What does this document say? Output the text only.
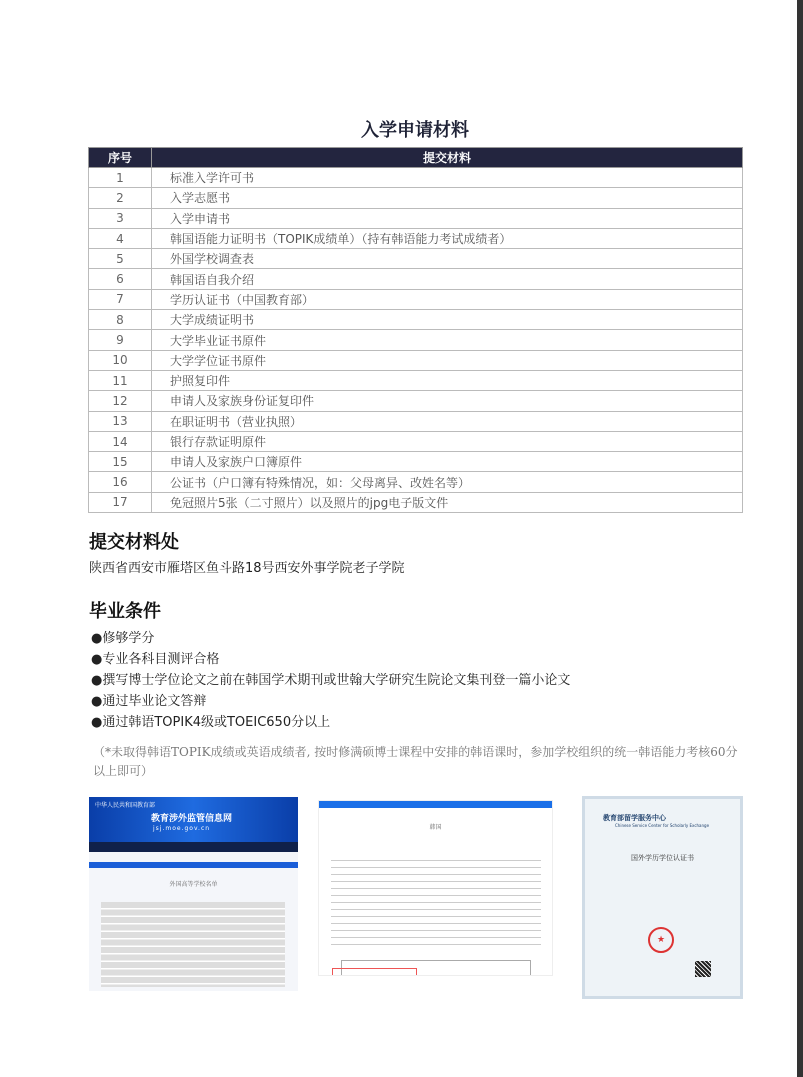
入学申请材料
序号	提交材料
1	标准入学许可书
2	入学志愿书
3	入学申请书
4	韩国语能力证明书（TOPIK成绩单）（持有韩语能力考试成绩者）
5	外国学校调查表
6	韩国语自我介绍
7	学历认证书（中国教育部）
8	大学成绩证明书
9	大学毕业证书原件
10	大学学位证书原件
11	护照复印件
12	申请人及家族身份证复印件
13	在职证明书（营业执照）
14	银行存款证明原件
15	申请人及家族户口簿原件
16	公证书（户口簿有特殊情况，如：父母离异、改姓名等）
17	免冠照片5张（二寸照片）以及照片的jpg电子版文件
提交材料处
陕西省西安市雁塔区鱼斗路18号西安外事学院老子学院
毕业条件
●修够学分
●专业各科目测评合格
●撰写博士学位论文之前在韩国学术期刊或世翰大学研究生院论文集刊登一篇小论文
●通过毕业论文答辩
●通过韩语TOPIK4级或TOEIC650分以上
（*未取得韩语TOPIK成绩或英语成绩者, 按时修满硕博士课程中安排的韩语课时，参加学校组织的统一韩语能力考核60分以上即可）
中华人民共和国教育部
教育涉外监管信息网
jsj.moe.gov.cn
外国高等学校名单
韩国
教育部留学服务中心
Chinese Service Center for Scholarly Exchange
国外学历学位认证书
★
